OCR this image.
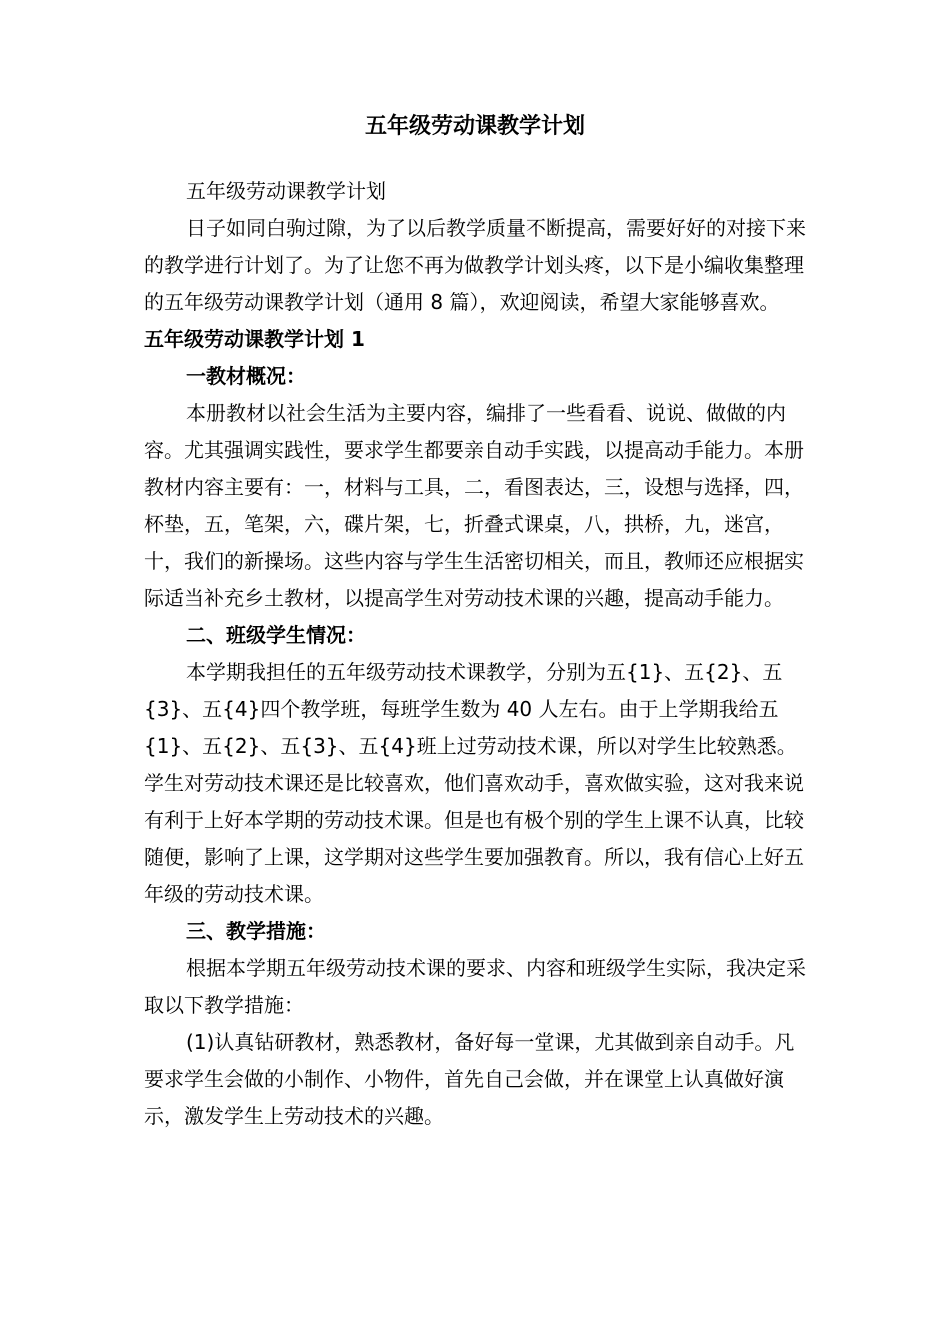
五年级劳动课教学计划

五年级劳动课教学计划

日子如同白驹过隙，为了以后教学质量不断提高，需要好好的对接下来的教学进行计划了。为了让您不再为做教学计划头疼，以下是小编收集整理的五年级劳动课教学计划（通用 8 篇），欢迎阅读，希望大家能够喜欢。

五年级劳动课教学计划 1

一教材概况：

本册教材以社会生活为主要内容，编排了一些看看、说说、做做的内容。尤其强调实践性，要求学生都要亲自动手实践，以提高动手能力。本册教材内容主要有：一，材料与工具，二，看图表达，三，设想与选择，四，杯垫，五，笔架，六，碟片架，七，折叠式课桌，八，拱桥，九，迷宫，十，我们的新操场。这些内容与学生生活密切相关，而且，教师还应根据实际适当补充乡土教材，以提高学生对劳动技术课的兴趣，提高动手能力。

二、班级学生情况：

本学期我担任的五年级劳动技术课教学，分别为五{1}、五{2}、五{3}、五{4}四个教学班，每班学生数为 40 人左右。由于上学期我给五{1}、五{2}、五{3}、五{4}班上过劳动技术课，所以对学生比较熟悉。学生对劳动技术课还是比较喜欢，他们喜欢动手，喜欢做实验，这对我来说有利于上好本学期的劳动技术课。但是也有极个别的学生上课不认真，比较随便，影响了上课，这学期对这些学生要加强教育。所以，我有信心上好五年级的劳动技术课。

三、教学措施：

根据本学期五年级劳动技术课的要求、内容和班级学生实际，我决定采取以下教学措施：

(1)认真钻研教材，熟悉教材，备好每一堂课，尤其做到亲自动手。凡要求学生会做的小制作、小物件，首先自己会做，并在课堂上认真做好演示，激发学生上劳动技术的兴趣。
